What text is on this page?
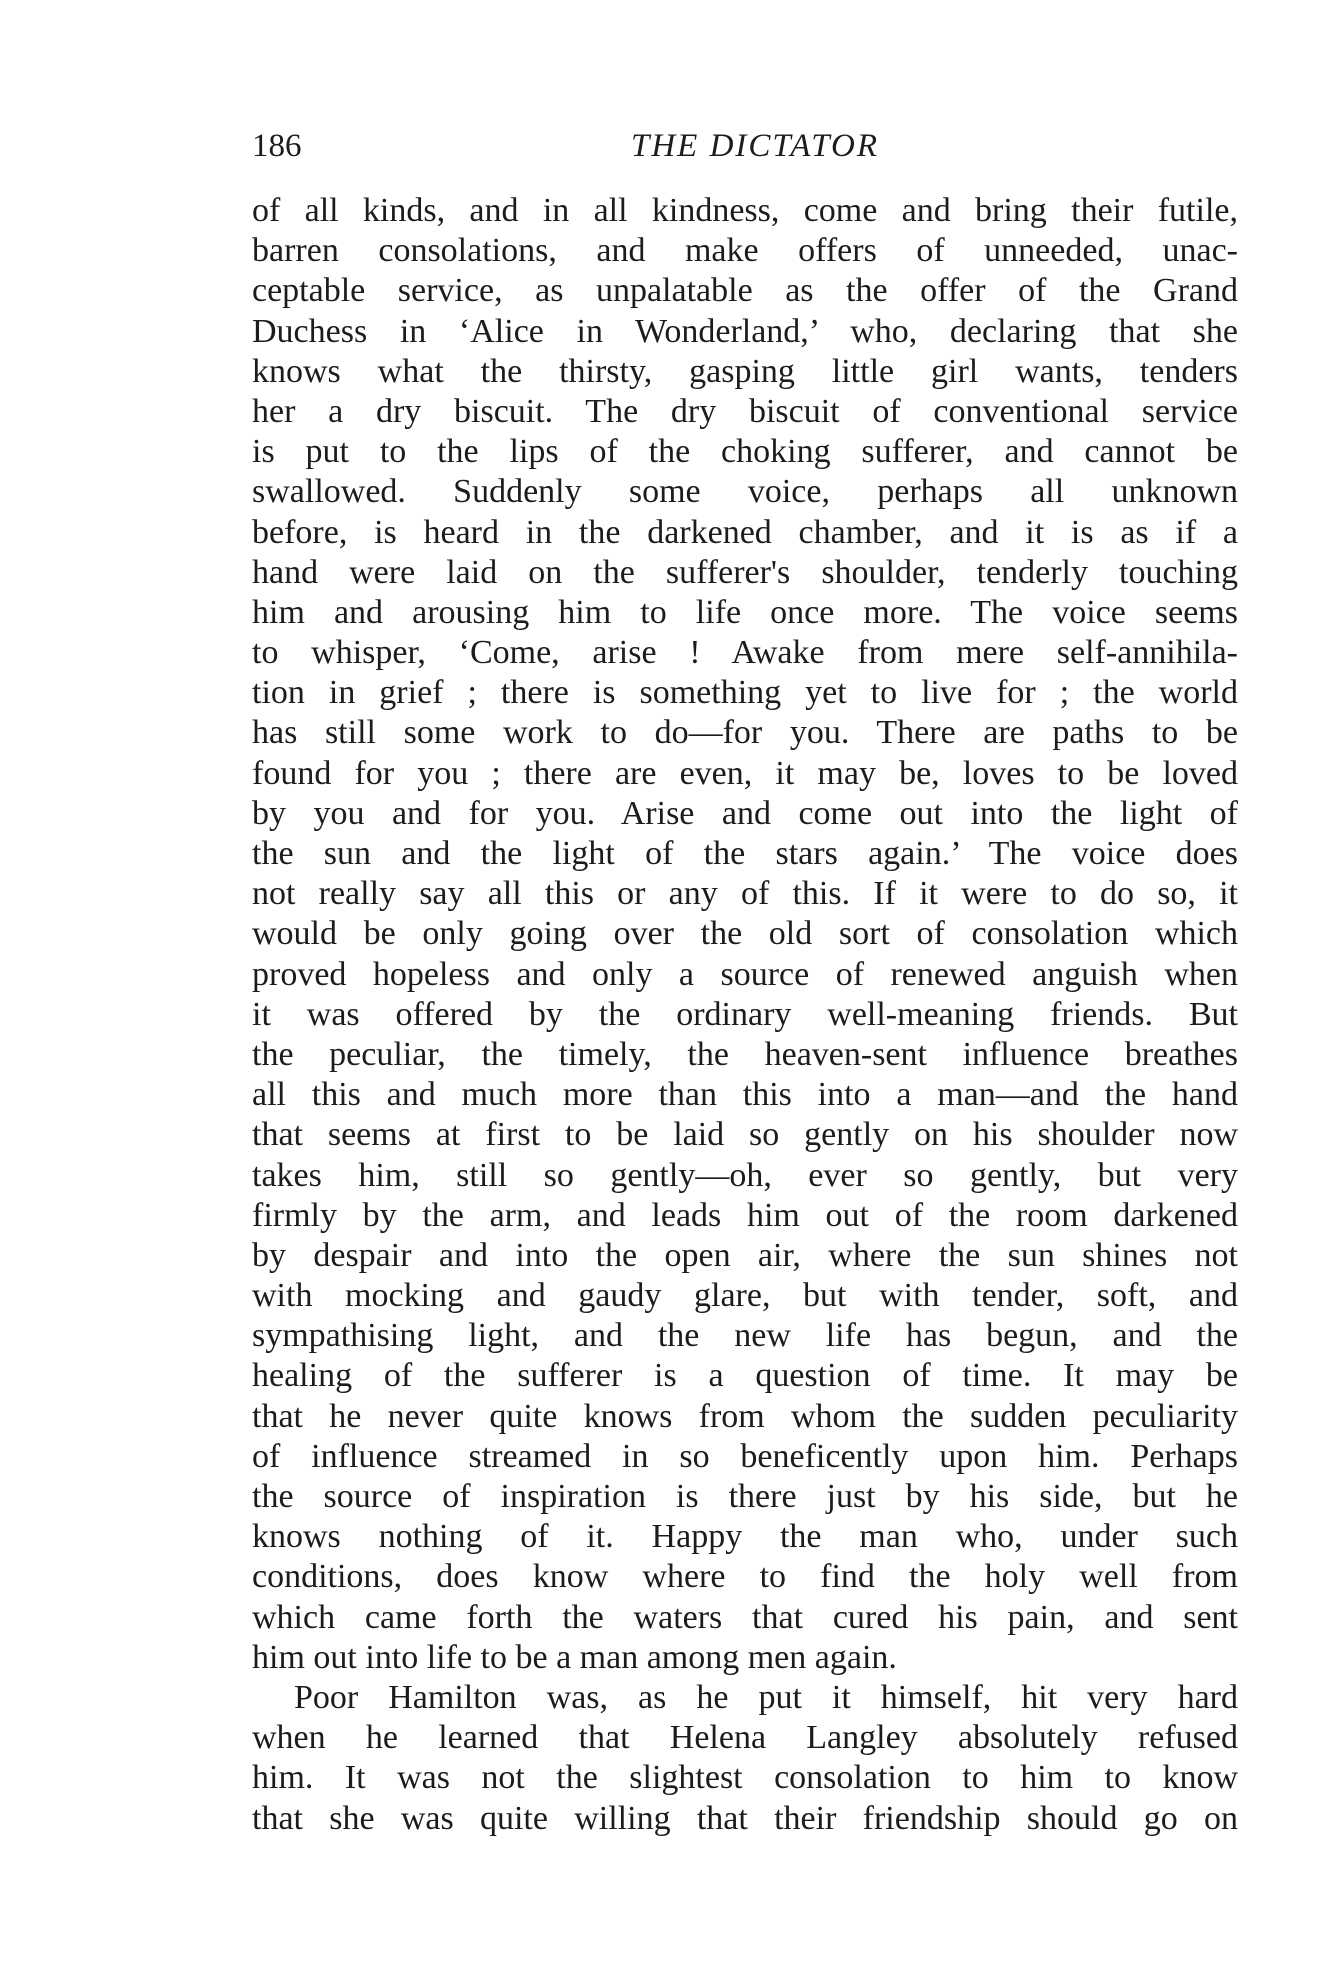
186	THE DICTATOR
of all kinds, and in all kindness, come and bring their futile,
barren consolations, and make offers of unneeded, unac-
ceptable service, as unpalatable as the offer of the Grand
Duchess in ‘Alice in Wonderland,’ who, declaring that she
knows what the thirsty, gasping little girl wants, tenders
her a dry biscuit. The dry biscuit of conventional service
is put to the lips of the choking sufferer, and cannot be
swallowed. Suddenly some voice, perhaps all unknown
before, is heard in the darkened chamber, and it is as if a
hand were laid on the sufferer's shoulder, tenderly touching
him and arousing him to life once more. The voice seems
to whisper, ‘Come, arise ! Awake from mere self-annihila-
tion in grief ; there is something yet to live for ; the world
has still some work to do—for you. There are paths to be
found for you ; there are even, it may be, loves to be loved
by you and for you. Arise and come out into the light of
the sun and the light of the stars again.’ The voice does
not really say all this or any of this. If it were to do so, it
would be only going over the old sort of consolation which
proved hopeless and only a source of renewed anguish when
it was offered by the ordinary well-meaning friends. But
the peculiar, the timely, the heaven-sent influence breathes
all this and much more than this into a man—and the hand
that seems at first to be laid so gently on his shoulder now
takes him, still so gently—oh, ever so gently, but very
firmly by the arm, and leads him out of the room darkened
by despair and into the open air, where the sun shines not
with mocking and gaudy glare, but with tender, soft, and
sympathising light, and the new life has begun, and the
healing of the sufferer is a question of time. It may be
that he never quite knows from whom the sudden peculiarity
of influence streamed in so beneficently upon him. Perhaps
the source of inspiration is there just by his side, but he
knows nothing of it. Happy the man who, under such
conditions, does know where to find the holy well from
which came forth the waters that cured his pain, and sent
him out into life to be a man among men again.
Poor Hamilton was, as he put it himself, hit very hard
when he learned that Helena Langley absolutely refused
him. It was not the slightest consolation to him to know
that she was quite willing that their friendship should go on
